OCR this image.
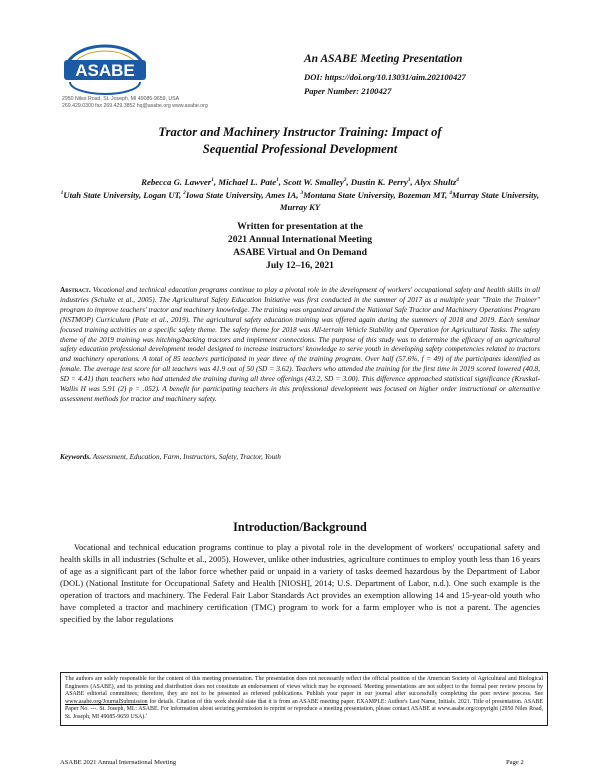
ASABE
2950 Niles Road, St. Joseph, MI 49085-9659, USA
269.429.0300 fax 269.429.3852 hq@asabe.org www.asabe.org
An ASABE Meeting Presentation
DOI: https://doi.org/10.13031/aim.202100427
Paper Number: 2100427
Tractor and Machinery Instructor Training: Impact of
Sequential Professional Development
Rebecca G. Lawver$^1$, Michael L. Pate$^1$, Scott W. Smalley$^2$, Dustin K. Perry$^3$, Alyx Shultz$^4$
$^1$Utah State University, Logan UT, $^2$Iowa State University, Ames IA, $^3$Montana State University, Bozeman MT, $^4$Murray State University, Murray KY
Written for presentation at the
2021 Annual International Meeting
ASABE Virtual and On Demand
July 12–16, 2021
Abstract. Vocational and technical education programs continue to play a pivotal role in the development of workers' occupational safety and health skills in all industries (Schulte et al., 2005). The Agricultural Safety Education Initiative was first conducted in the summer of 2017 as a multiple year "Train the Trainer" program to improve teachers' tractor and machinery knowledge. The training was organized around the National Safe Tractor and Machinery Operations Program (NSTMOP) Curriculum (Pate et al., 2019). The agricultural safety education training was offered again during the summers of 2018 and 2019. Each seminar focused training activities on a specific safety theme. The safety theme for 2018 was All-terrain Vehicle Stability and Operation for Agricultural Tasks. The safety theme of the 2019 training was hitching/backing tractors and implement connections. The purpose of this study was to determine the efficacy of an agricultural safety education professional development model designed to increase instructors' knowledge to serve youth in developing safety competencies related to tractors and machinery operations. A total of 85 teachers participated in year three of the training program. Over half (57.6%, f = 49) of the participants identified as female. The average test score for all teachers was 41.9 out of 50 (SD = 3.62). Teachers who attended the training for the first time in 2019 scored lowered (40.8, SD = 4.41) than teachers who had attended the training during all three offerings (43.2, SD = 3.00). This difference approached statistical significance (Kruskal-Wallis H was 5.91 (2) p = .052). A benefit for participating teachers in this professional development was focused on higher order instructional or alternative assessment methods for tractor and machinery safety.
Keywords. Assessment, Education, Farm, Instructors, Safety, Tractor, Youth
Introduction/Background
Vocational and technical education programs continue to play a pivotal role in the development of workers' occupational safety and health skills in all industries (Schulte et al., 2005). However, unlike other industries, agriculture continues to employ youth less than 16 years of age as a significant part of the labor force whether paid or unpaid in a variety of tasks deemed hazardous by the Department of Labor (DOL) (National Institute for Occupational Safety and Health [NIOSH], 2014; U.S. Department of Labor, n.d.). One such example is the operation of tractors and machinery. The Federal Fair Labor Standards Act provides an exemption allowing 14 and 15-year-old youth who have completed a tractor and machinery certification (TMC) program to work for a farm employer who is not a parent. The agencies specified by the labor regulations
The authors are solely responsible for the content of this meeting presentation. The presentation does not necessarily reflect the official position of the American Society of Agricultural and Biological Engineers (ASABE), and its printing and distribution does not constitute an endorsement of views which may be expressed. Meeting presentations are not subject to the formal peer review process by ASABE editorial committees; therefore, they are not to be presented as refereed publications. Publish your paper in our journal after successfully completing the peer review process. See www.asabe.org/JournalSubmission for details. Citation of this work should state that it is from an ASABE meeting paper. EXAMPLE: Author's Last Name, Initials. 2021. Title of presentation. ASABE Paper No. ---. St. Joseph, MI.: ASABE. For information about securing permission to reprint or reproduce a meeting presentation, please contact ASABE at www.asabe.org/copyright (2950 Niles Road, St. Joseph, MI 49085-9659 USA).$^1$
ASABE 2021 Annual International Meeting	Page 2
